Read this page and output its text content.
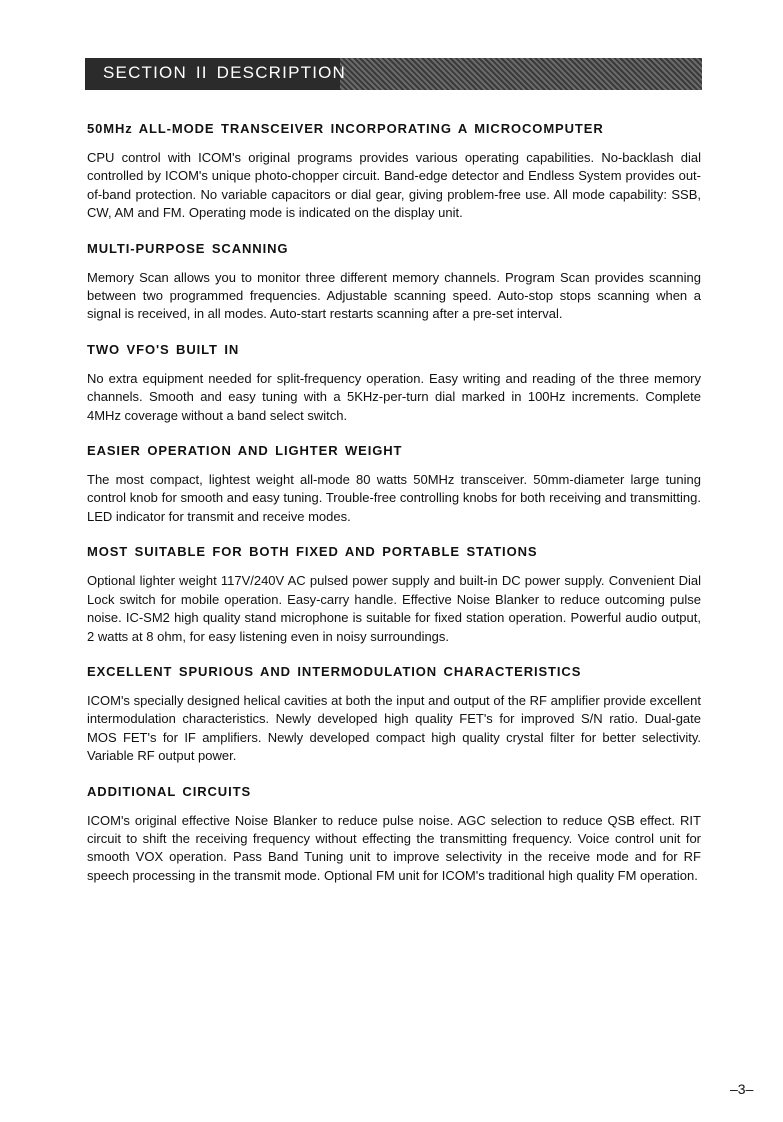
SECTION II DESCRIPTION
50MHz ALL-MODE TRANSCEIVER INCORPORATING A MICROCOMPUTER

CPU control with ICOM's original programs provides various operating capabilities. No-backlash dial controlled by ICOM's unique photo-chopper circuit. Band-edge detector and Endless System provides out-of-band protection. No variable capacitors or dial gear, giving problem-free use. All mode capability: SSB, CW, AM and FM. Operating mode is indicated on the display unit.

MULTI-PURPOSE SCANNING

Memory Scan allows you to monitor three different memory channels. Program Scan provides scanning between two programmed frequencies. Adjustable scanning speed. Auto-stop stops scanning when a signal is received, in all modes. Auto-start restarts scanning after a pre-set interval.

TWO VFO'S BUILT IN

No extra equipment needed for split-frequency operation. Easy writing and reading of the three memory channels. Smooth and easy tuning with a 5KHz-per-turn dial marked in 100Hz increments. Complete 4MHz coverage without a band select switch.

EASIER OPERATION AND LIGHTER WEIGHT

The most compact, lightest weight all-mode 80 watts 50MHz transceiver. 50mm-diameter large tuning control knob for smooth and easy tuning. Trouble-free controlling knobs for both receiving and transmitting. LED indicator for transmit and receive modes.

MOST SUITABLE FOR BOTH FIXED AND PORTABLE STATIONS

Optional lighter weight 117V/240V AC pulsed power supply and built-in DC power supply. Convenient Dial Lock switch for mobile operation. Easy-carry handle. Effective Noise Blanker to reduce outcoming pulse noise. IC-SM2 high quality stand microphone is suitable for fixed station operation. Powerful audio output, 2 watts at 8 ohm, for easy listening even in noisy surroundings.

EXCELLENT SPURIOUS AND INTERMODULATION CHARACTERISTICS

ICOM's specially designed helical cavities at both the input and output of the RF amplifier provide excellent intermodulation characteristics. Newly developed high quality FET's for improved S/N ratio. Dual-gate MOS FET's for IF amplifiers. Newly developed compact high quality crystal filter for better selectivity. Variable RF output power.

ADDITIONAL CIRCUITS

ICOM's original effective Noise Blanker to reduce pulse noise. AGC selection to reduce QSB effect. RIT circuit to shift the receiving frequency without effecting the transmitting frequency. Voice control unit for smooth VOX operation. Pass Band Tuning unit to improve selectivity in the receive mode and for RF speech processing in the transmit mode. Optional FM unit for ICOM's traditional high quality FM operation.

–3–
